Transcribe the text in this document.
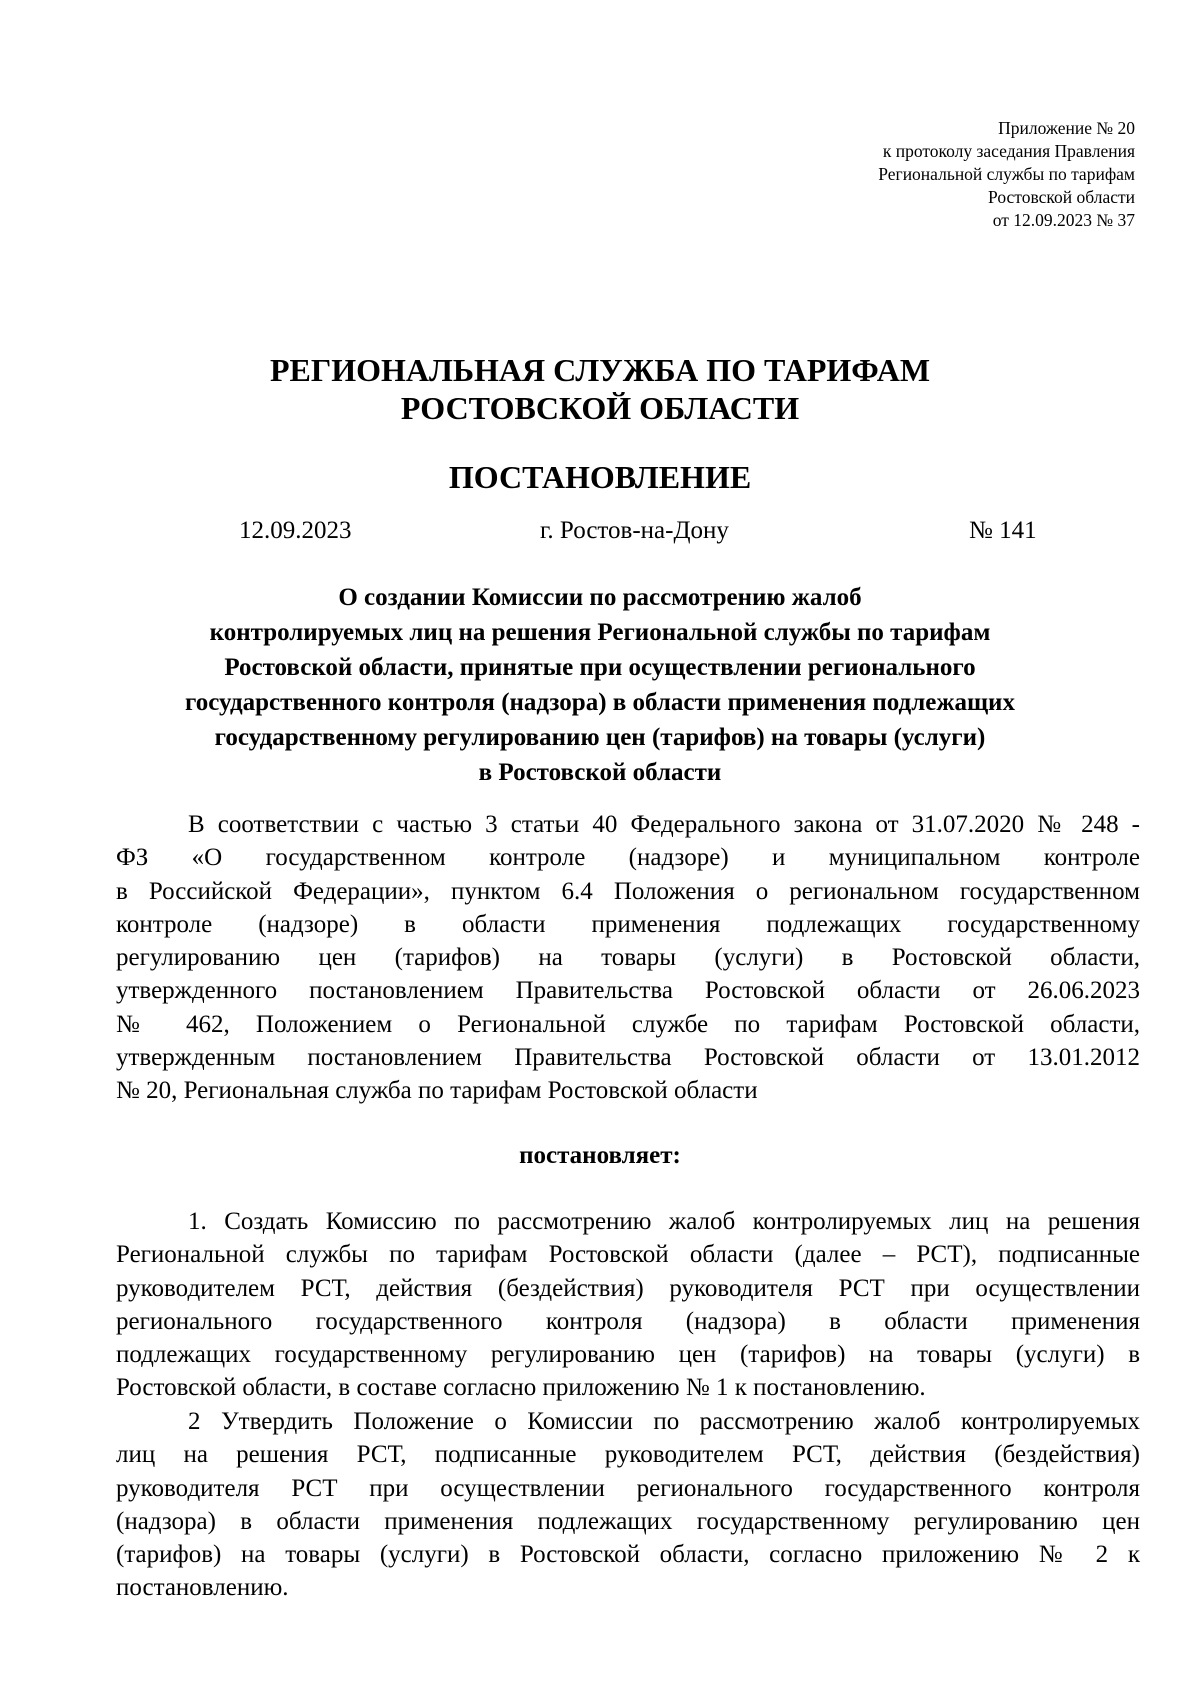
Приложение № 20
к протоколу заседания Правления
Региональной службы по тарифам
Ростовской области
от 12.09.2023 № 37
РЕГИОНАЛЬНАЯ СЛУЖБА ПО ТАРИФАМ
РОСТОВСКОЙ ОБЛАСТИ
ПОСТАНОВЛЕНИЕ
12.09.2023	г. Ростов-на-Дону	№ 141
О создании Комиссии по рассмотрению жалоб
контролируемых лиц на решения Региональной службы по тарифам
Ростовской области, принятые при осуществлении регионального
государственного контроля (надзора) в области применения подлежащих
государственному регулированию цен (тарифов) на товары (услуги)
в Ростовской области
В соответствии с частью 3 статьи 40 Федерального закона от 31.07.2020 № 248 -
ФЗ «О государственном контроле (надзоре) и муниципальном контроле
в Российской Федерации», пунктом 6.4 Положения о региональном государственном
контроле (надзоре) в области применения подлежащих государственному
регулированию цен (тарифов) на товары (услуги) в Ростовской области,
утвержденного постановлением Правительства Ростовской области от 26.06.2023
№ 462, Положением о Региональной службе по тарифам Ростовской области,
утвержденным постановлением Правительства Ростовской области от 13.01.2012
№ 20, Региональная служба по тарифам Ростовской области
постановляет:
1. Создать Комиссию по рассмотрению жалоб контролируемых лиц на решения
Региональной службы по тарифам Ростовской области (далее – РСТ), подписанные
руководителем РСТ, действия (бездействия) руководителя РСТ при осуществлении
регионального государственного контроля (надзора) в области применения
подлежащих государственному регулированию цен (тарифов) на товары (услуги) в
Ростовской области, в составе согласно приложению № 1 к постановлению.
2 Утвердить Положение о Комиссии по рассмотрению жалоб контролируемых
лиц на решения РСТ, подписанные руководителем РСТ, действия (бездействия)
руководителя РСТ при осуществлении регионального государственного контроля
(надзора) в области применения подлежащих государственному регулированию цен
(тарифов) на товары (услуги) в Ростовской области, согласно приложению № 2 к
постановлению.
